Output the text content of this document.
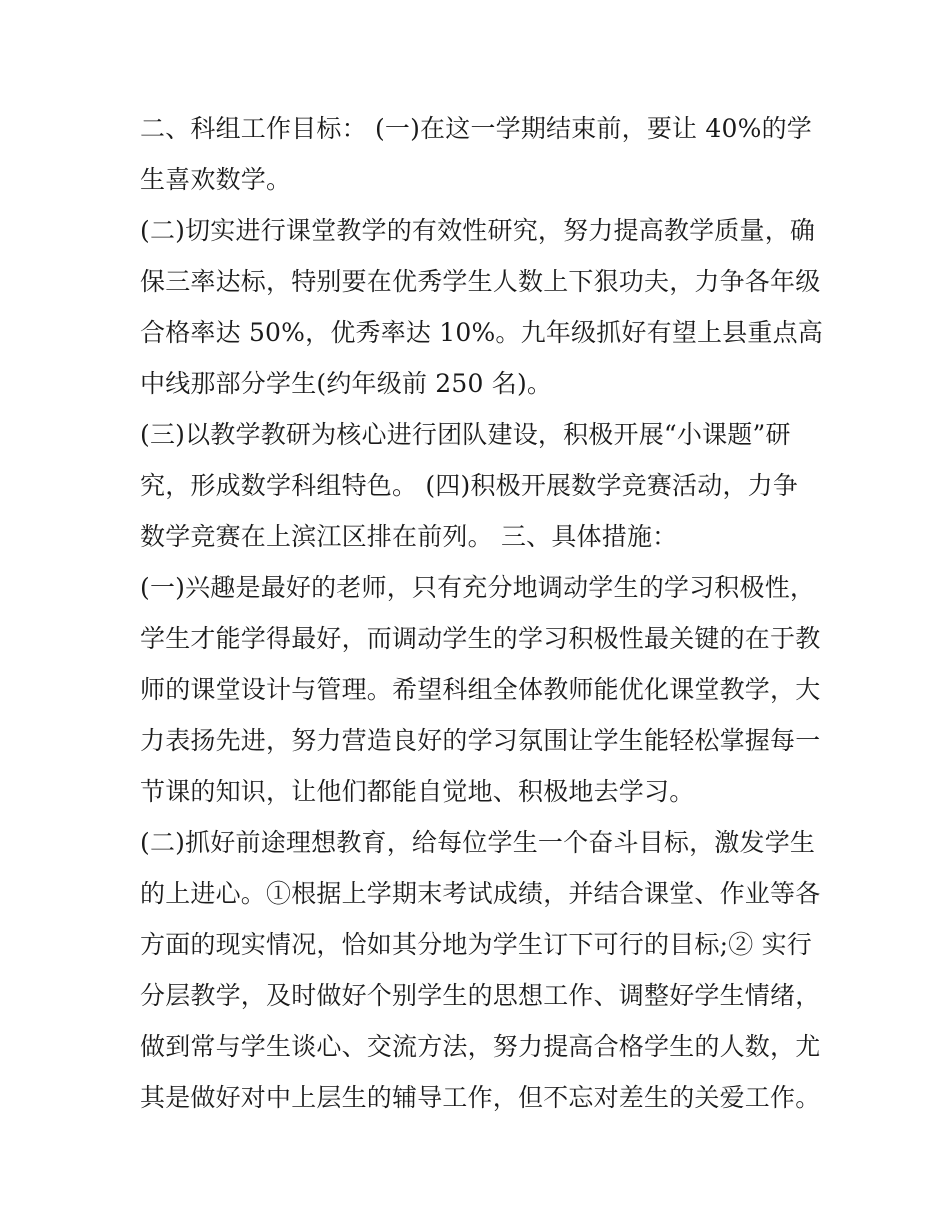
二、科组工作目标： (一)在这一学期结束前，要让 40%的学
生喜欢数学。
(二)切实进行课堂教学的有效性研究，努力提高教学质量，确
保三率达标，特别要在优秀学生人数上下狠功夫，力争各年级
合格率达 50%，优秀率达 10%。九年级抓好有望上县重点高
中线那部分学生(约年级前 250 名)。
(三)以教学教研为核心进行团队建设，积极开展“小课题”研
究，形成数学科组特色。 (四)积极开展数学竞赛活动，力争
数学竞赛在上滨江区排在前列。 三、具体措施：
(一)兴趣是最好的老师，只有充分地调动学生的学习积极性，
学生才能学得最好，而调动学生的学习积极性最关键的在于教
师的课堂设计与管理。希望科组全体教师能优化课堂教学，大
力表扬先进，努力营造良好的学习氛围让学生能轻松掌握每一
节课的知识，让他们都能自觉地、积极地去学习。
(二)抓好前途理想教育，给每位学生一个奋斗目标，激发学生
的上进心。①根据上学期末考试成绩，并结合课堂、作业等各
方面的现实情况，恰如其分地为学生订下可行的目标;② 实行
分层教学，及时做好个别学生的思想工作、调整好学生情绪，
做到常与学生谈心、交流方法，努力提高合格学生的人数，尤
其是做好对中上层生的辅导工作，但不忘对差生的关爱工作。
